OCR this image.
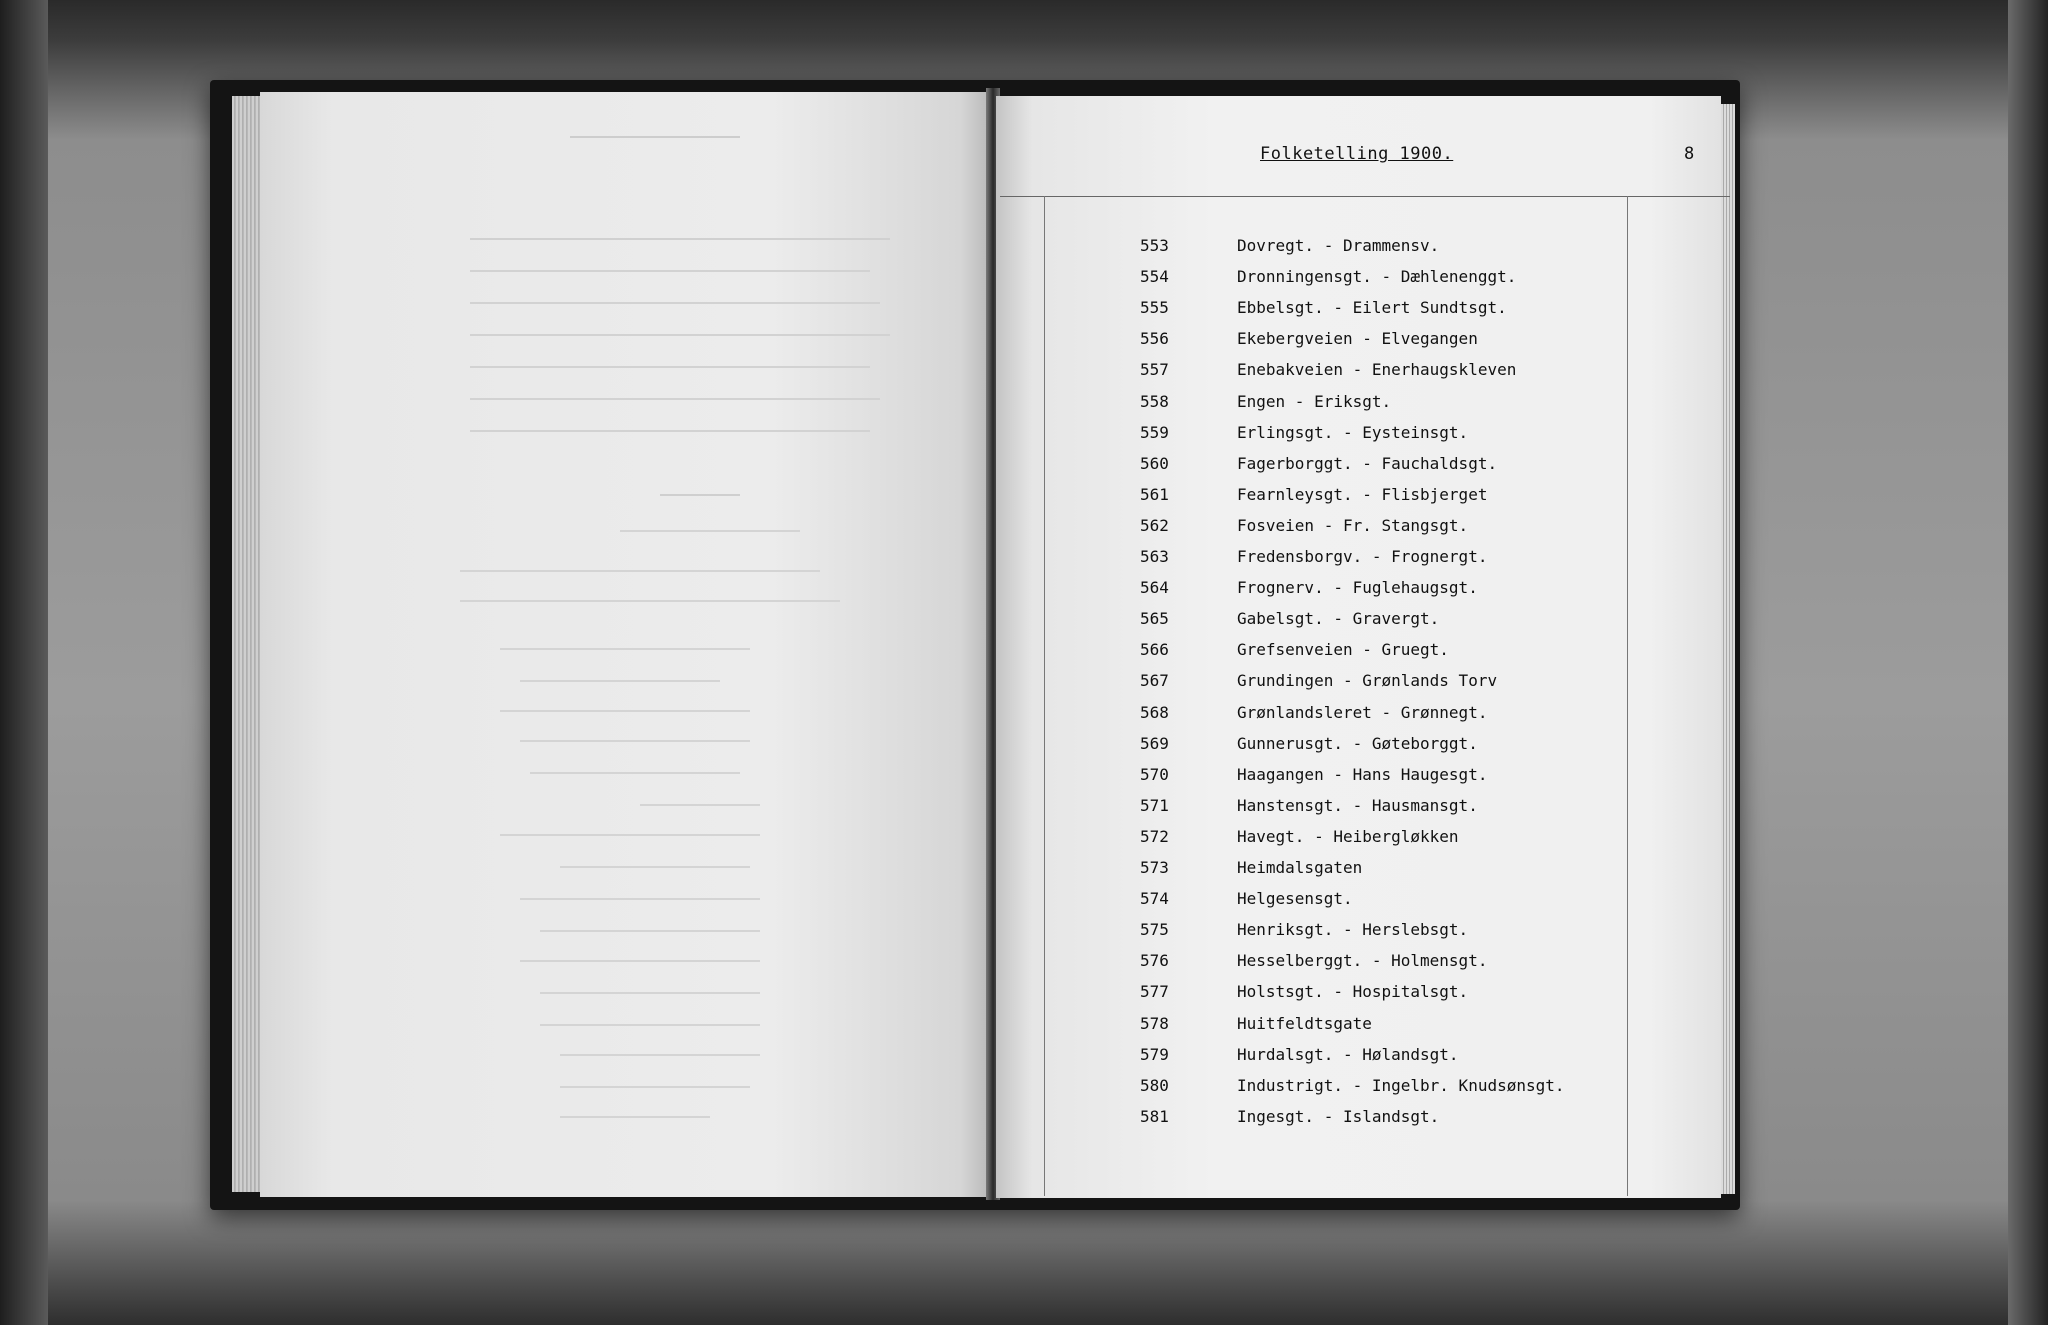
Folketelling 1900.	8
553	Dovregt. - Drammensv.
554	Dronningensgt. - Dæhlenenggt.
555	Ebbelsgt. - Eilert Sundtsgt.
556	Ekebergveien - Elvegangen
557	Enebakveien - Enerhaugskleven
558	Engen - Eriksgt.
559	Erlingsgt. - Eysteinsgt.
560	Fagerborggt. - Fauchaldsgt.
561	Fearnleysgt. - Flisbjerget
562	Fosveien - Fr. Stangsgt.
563	Fredensborgv. - Frognergt.
564	Frognerv. - Fuglehaugsgt.
565	Gabelsgt. - Gravergt.
566	Grefsenveien - Gruegt.
567	Grundingen - Grønlands Torv
568	Grønlandsleret - Grønnegt.
569	Gunnerusgt. - Gøteborggt.
570	Haagangen - Hans Haugesgt.
571	Hanstensgt. - Hausmansgt.
572	Havegt. - Heibergløkken
573	Heimdalsgaten
574	Helgesensgt.
575	Henriksgt. - Herslebsgt.
576	Hesselberggt. - Holmensgt.
577	Holstsgt. - Hospitalsgt.
578	Huitfeldtsgate
579	Hurdalsgt. - Hølandsgt.
580	Industrigt. - Ingelbr. Knudsønsgt.
581	Ingesgt. - Islandsgt.
